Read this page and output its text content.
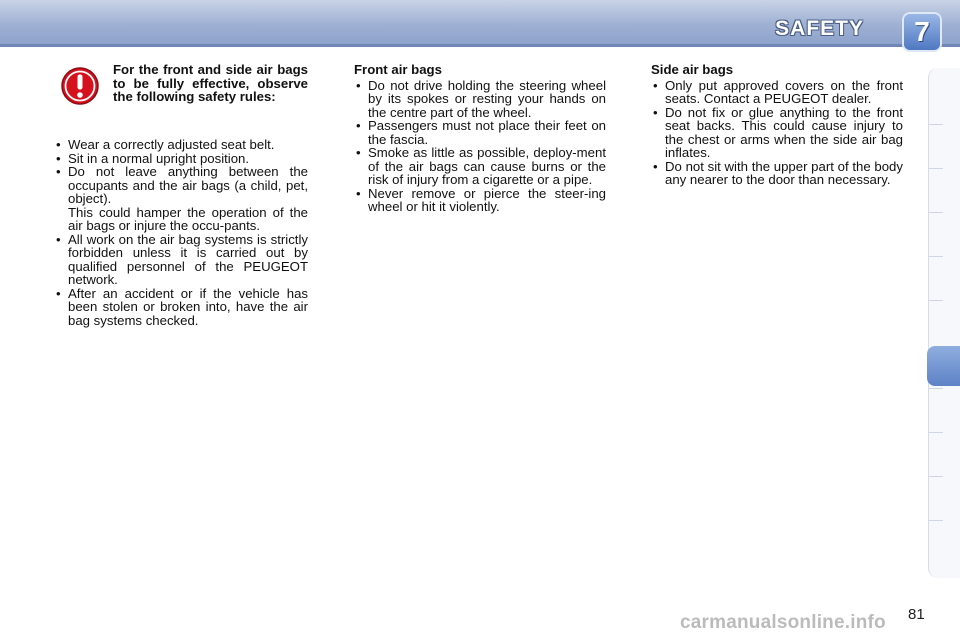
SAFETY	7
For the front and side air bags to be fully effective, observe the following safety rules:
• Wear a correctly adjusted seat belt.
• Sit in a normal upright position.
• Do not leave anything between the occupants and the air bags (a child, pet, object).
This could hamper the operation of the air bags or injure the occu-pants.
• All work on the air bag systems is strictly forbidden unless it is carried out by qualified personnel of the PEUGEOT network.
• After an accident or if the vehicle has been stolen or broken into, have the air bag systems checked.
Front air bags
• Do not drive holding the steering wheel by its spokes or resting your hands on the centre part of the wheel.
• Passengers must not place their feet on the fascia.
• Smoke as little as possible, deploy-ment of the air bags can cause burns or the risk of injury from a cigarette or a pipe.
• Never remove or pierce the steer-ing wheel or hit it violently.
Side air bags
• Only put approved covers on the front seats. Contact a PEUGEOT dealer.
• Do not fix or glue anything to the front seat backs. This could cause injury to the chest or arms when the side air bag inflates.
• Do not sit with the upper part of the body any nearer to the door than necessary.
carmanualsonline.info 81
